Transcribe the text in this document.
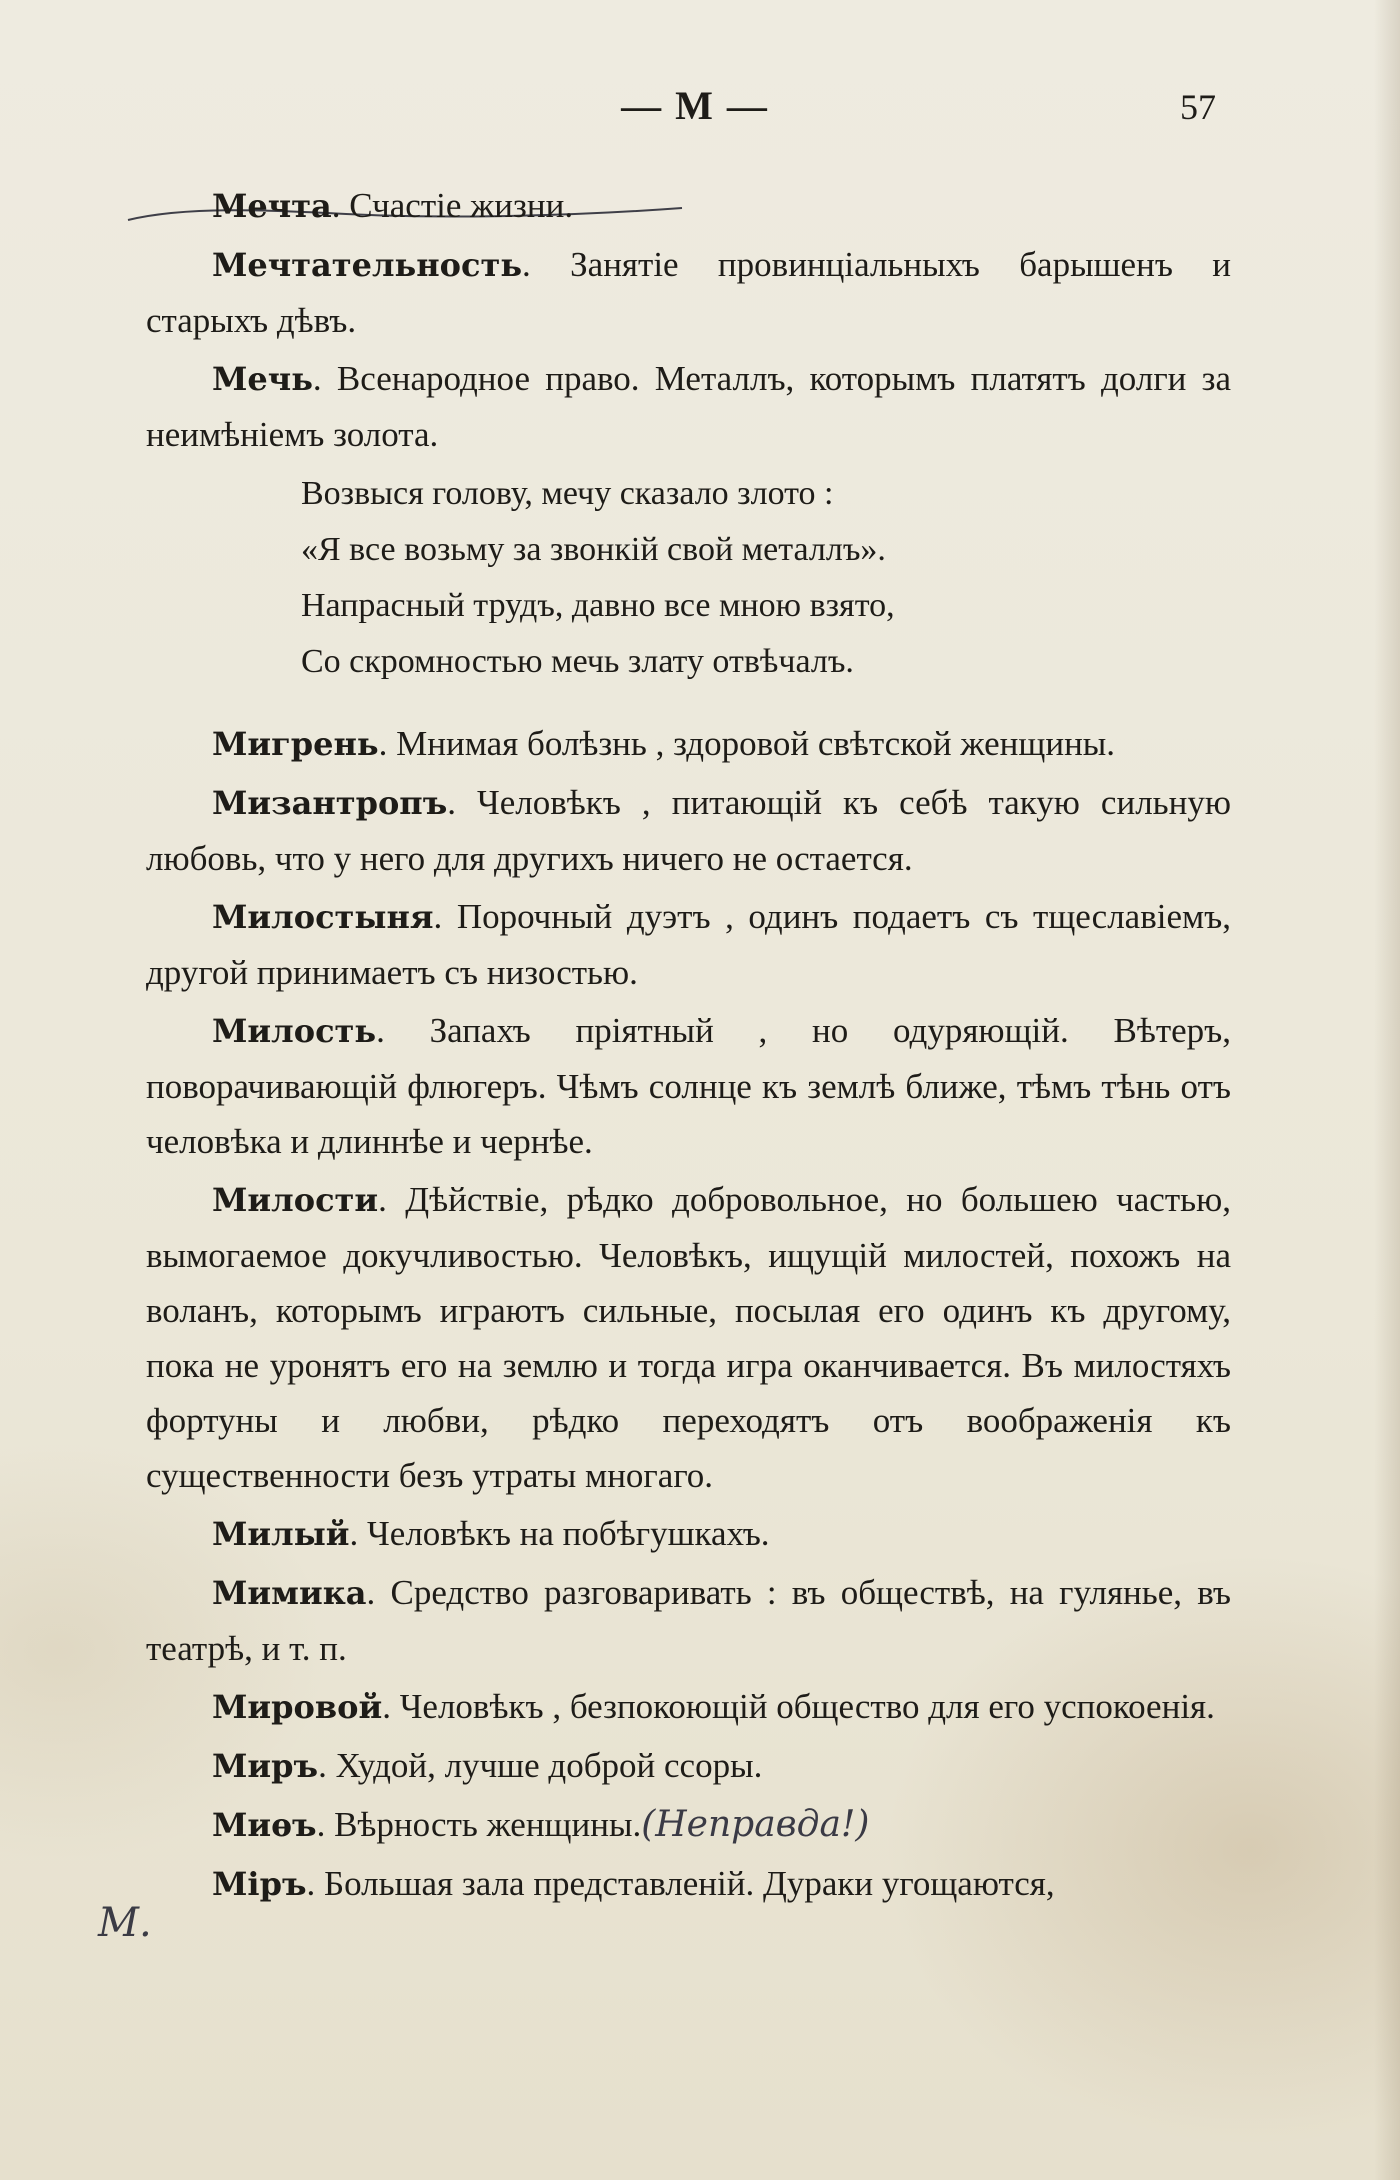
— М —	57

Мечта. Счастіе жизни.

Мечтательность. Занятіе провинціальныхъ барышенъ и старыхъ дѣвъ.

Мечь. Всенародное право. Металлъ, которымъ платятъ долги за неимѣніемъ золота.

Возвыся голову, мечу сказало злото :
«Я все возьму за звонкій свой металлъ».
Напрасный трудъ, давно все мною взято,
Со скромностью мечь злату отвѣчалъ.

Мигрень. Мнимая болѣзнь , здоровой свѣтской женщины.

Мизантропъ. Человѣкъ , питающій къ себѣ такую сильную любовь, что у него для другихъ ничего не остается.

Милостыня. Порочный дуэтъ , одинъ подаетъ съ тщеславіемъ, другой принимаетъ съ низостью.

Милость. Запахъ пріятный , но одуряющій. Вѣтеръ, поворачивающій флюгеръ. Чѣмъ солнце къ землѣ ближе, тѣмъ тѣнь отъ человѣка и длиннѣе и чернѣе.

Милости. Дѣйствіе, рѣдко добровольное, но большею частью, вымогаемое докучливостью. Человѣкъ, ищущій милостей, похожъ на воланъ, которымъ играютъ сильные, посылая его одинъ къ другому, пока не уронятъ его на землю и тогда игра оканчивается. Въ милостяхъ фортуны и любви, рѣдко переходятъ отъ воображенія къ существенности безъ утраты многаго.

Милый. Человѣкъ на побѣгушкахъ.

Мимика. Средство разговаривать : въ обществѣ, на гулянье, въ театрѣ, и т. п.

Мировой. Человѣкъ , безпокоющій общество для его успокоенія.

Миръ. Худой, лучше доброй ссоры.

Миѳъ. Вѣрность женщины.(Неправда!)

Міръ. Большая зала представленій. Дураки угощаются,

М.
